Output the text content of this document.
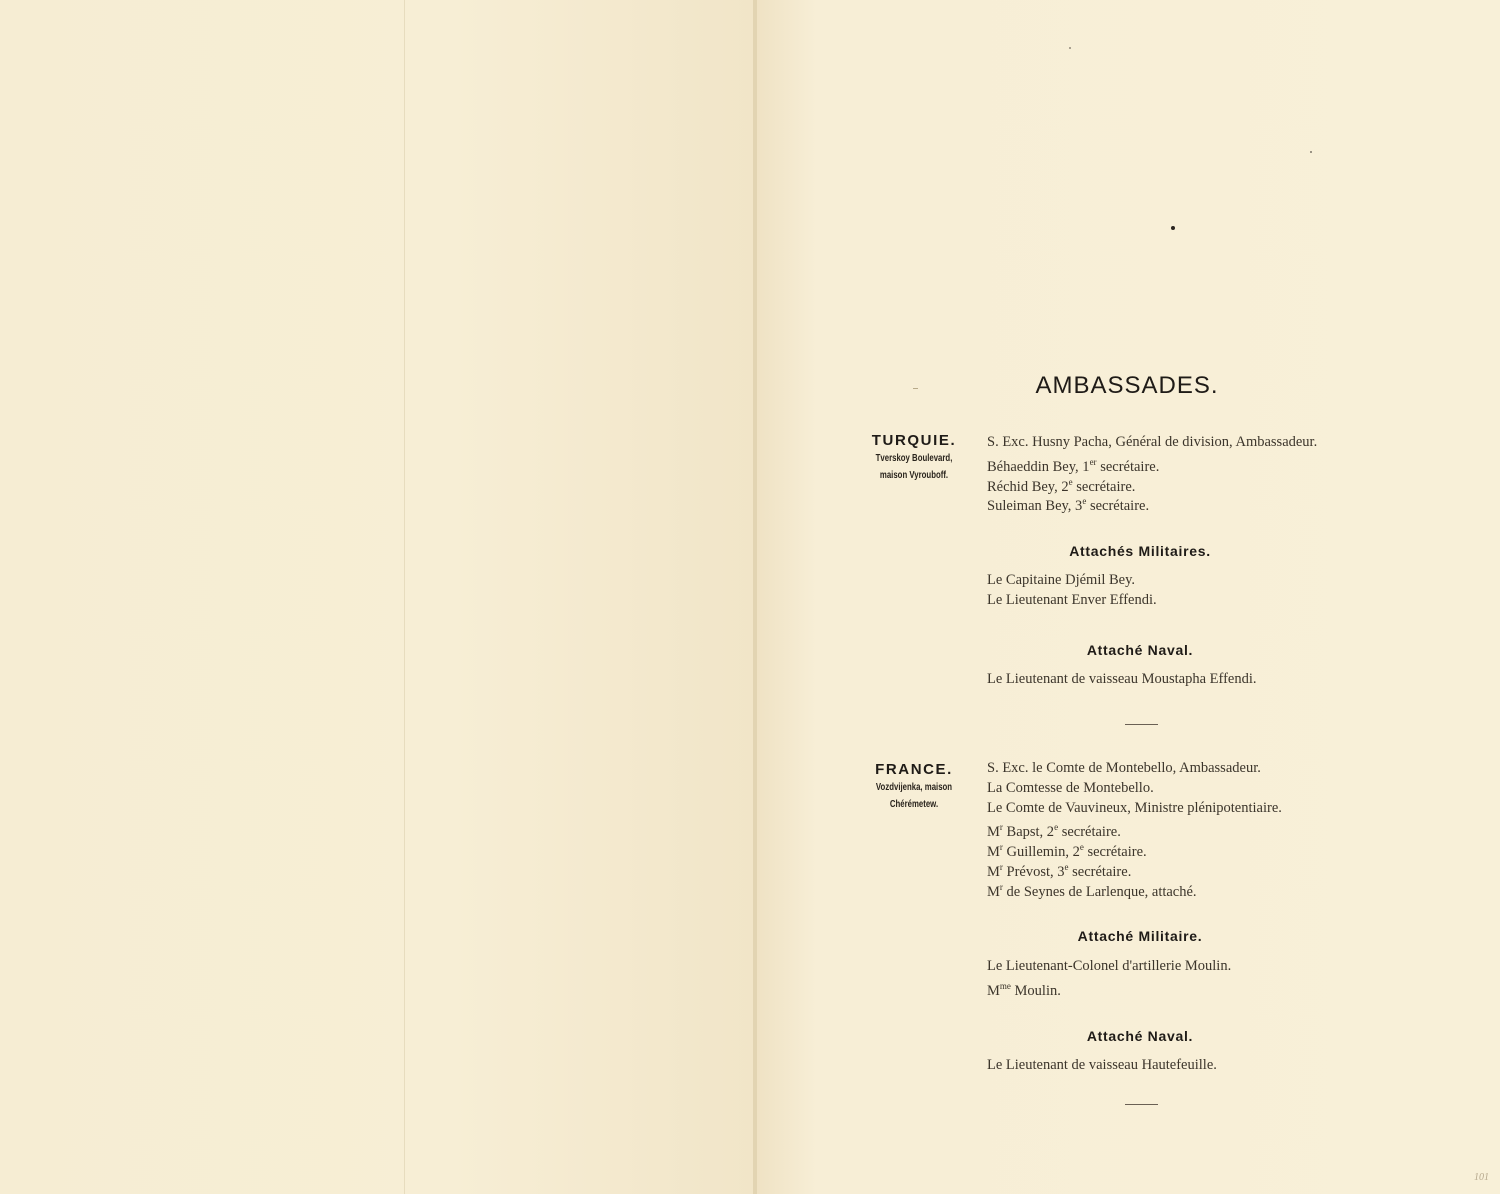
AMBASSADES.
TURQUIE.
Tverskoy Boulevard,
maison Vyrouboff.
S. Exc. Husny Pacha, Général de division, Ambassadeur.
Béhaeddin Bey, 1er secrétaire.
Réchid Bey, 2e secrétaire.
Suleiman Bey, 3e secrétaire.
Attachés Militaires.
Le Capitaine Djémil Bey.
Le Lieutenant Enver Effendi.
Attaché Naval.
Le Lieutenant de vaisseau Moustapha Effendi.
FRANCE.
Vozdvijenka, maison
Chérémetew.
S. Exc. le Comte de Montebello, Ambassadeur.
La Comtesse de Montebello.
Le Comte de Vauvineux, Ministre plénipotentiaire.
$M^r$ Bapst, 2e secrétaire.
$M^r$ Guillemin, 2e secrétaire.
$M^r$ Prévost, 3e secrétaire.
$M^r$ de Seynes de Larlenque, attaché.
Attaché Militaire.
Le Lieutenant-Colonel d'artillerie Moulin.
$M^{me}$ Moulin.
Attaché Naval.
Le Lieutenant de vaisseau Hautefeuille.
101
